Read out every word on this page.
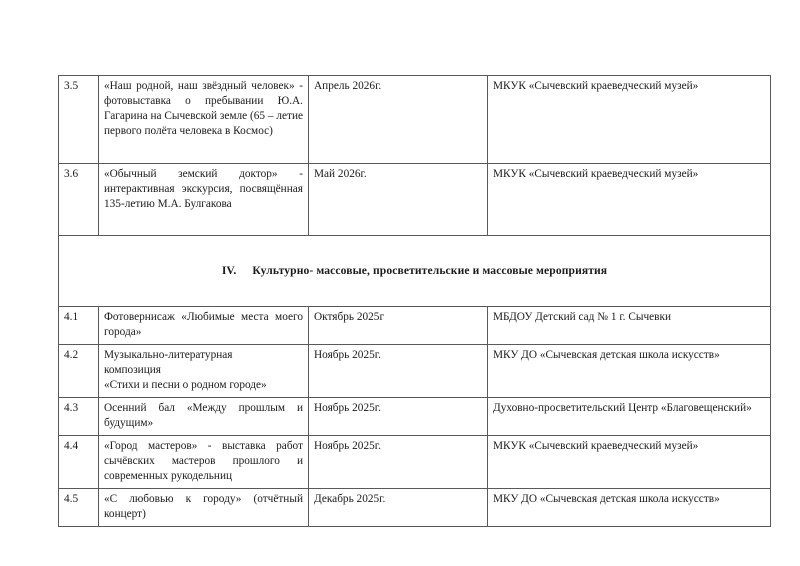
3.5	«Наш родной, наш звёздный человек» - фотовыставка о пребывании Ю.А. Гагарина на Сычевской земле (65 – летие первого полёта человека в Космос)	Апрель 2026г.	МКУК «Сычевский краеведческий музей»
3.6	«Обычный земский доктор» - интерактивная экскурсия, посвящённая 135-летию М.А. Булгакова	Май 2026г.	МКУК «Сычевский краеведческий музей»
IV. Культурно- массовые, просветительские и массовые мероприятия			
4.1	Фотовернисаж «Любимые места моего города»	Октябрь 2025г	МБДОУ Детский сад № 1 г. Сычевки
4.2	Музыкально-литературная
композиция
«Стихи и песни о родном городе»	Ноябрь 2025г.	МКУ ДО «Сычевская детская школа искусств»
4.3	Осенний бал «Между прошлым и будущим»	Ноябрь 2025г.	Духовно-просветительский Центр «Благовещенский»
4.4	«Город мастеров» - выставка работ сычёвских мастеров прошлого и современных рукодельниц	Ноябрь 2025г.	МКУК «Сычевский краеведческий музей»
4.5	«С любовью к городу» (отчётный концерт)	Декабрь 2025г.	МКУ ДО «Сычевская детская школа искусств»
